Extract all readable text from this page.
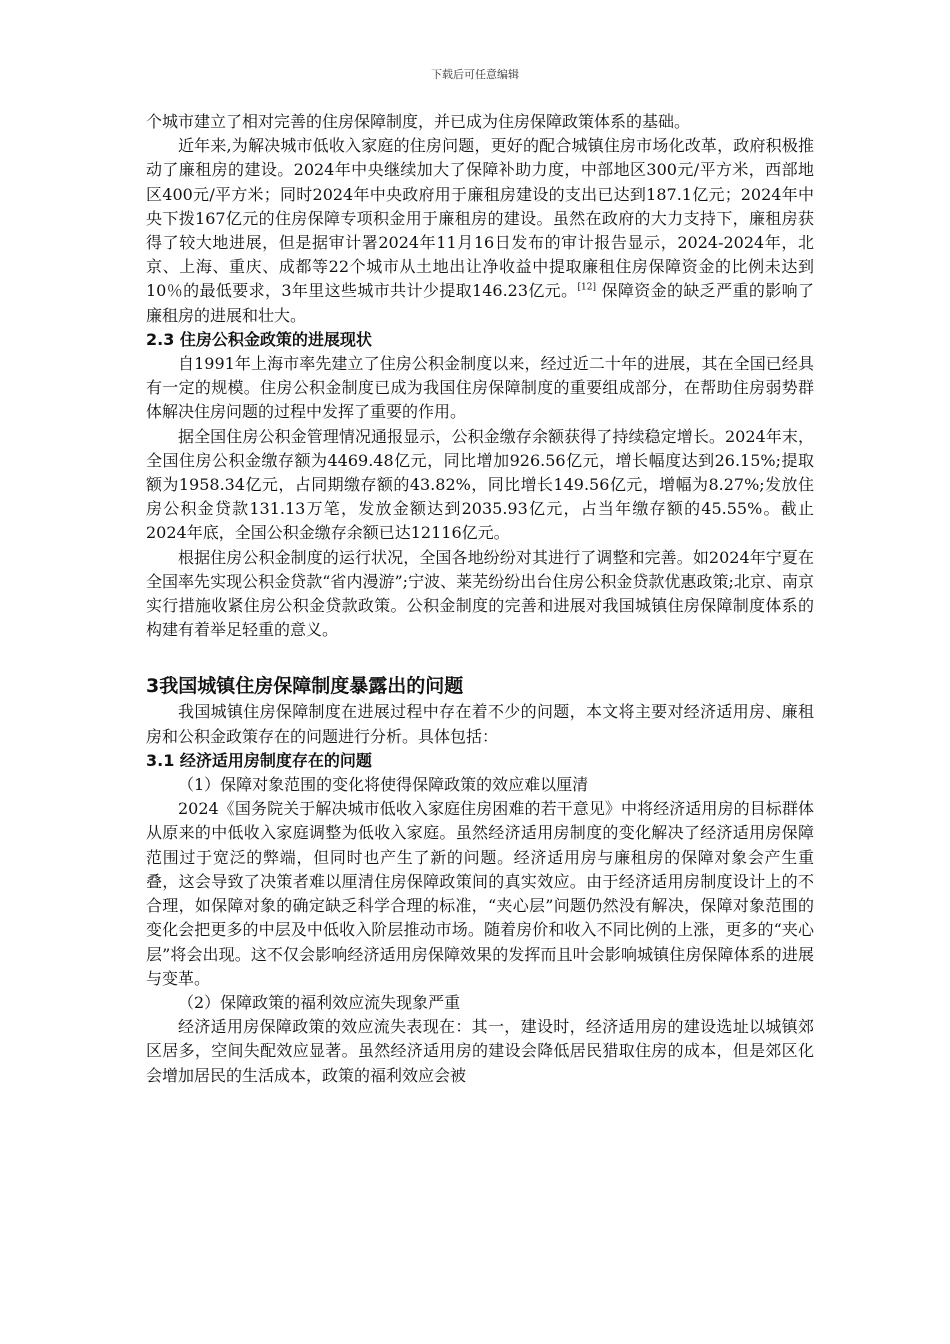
下载后可任意编辑

个城市建立了相对完善的住房保障制度，并已成为住房保障政策体系的基础。

近年来,为解决城市低收入家庭的住房问题，更好的配合城镇住房市场化改革，政府积极推动了廉租房的建设。2024年中央继续加大了保障补助力度，中部地区300元/平方米，西部地区400元/平方米；同时2024年中央政府用于廉租房建设的支出已达到187.1亿元；2024年中央下拨167亿元的住房保障专项积金用于廉租房的建设。虽然在政府的大力支持下，廉租房获得了较大地进展，但是据审计署2024年11月16日发布的审计报告显示，2024-2024年，北京、上海、重庆、成都等22个城市从土地出让净收益中提取廉租住房保障资金的比例未达到10％的最低要求，3年里这些城市共计少提取146.23亿元。[12] 保障资金的缺乏严重的影响了廉租房的进展和壮大。

2.3 住房公积金政策的进展现状

自1991年上海市率先建立了住房公积金制度以来，经过近二十年的进展，其在全国已经具有一定的规模。住房公积金制度已成为我国住房保障制度的重要组成部分，在帮助住房弱势群体解决住房问题的过程中发挥了重要的作用。

据全国住房公积金管理情况通报显示，公积金缴存余额获得了持续稳定增长。2024年末，全国住房公积金缴存额为4469.48亿元，同比增加926.56亿元，增长幅度达到26.15%;提取额为1958.34亿元，占同期缴存额的43.82%，同比增长149.56亿元，增幅为8.27%;发放住房公积金贷款131.13万笔，发放金额达到2035.93亿元，占当年缴存额的45.55%。截止2024年底，全国公积金缴存余额已达12116亿元。

根据住房公积金制度的运行状况，全国各地纷纷对其进行了调整和完善。如2024年宁夏在全国率先实现公积金贷款“省内漫游”;宁波、莱芜纷纷出台住房公积金贷款优惠政策;北京、南京实行措施收紧住房公积金贷款政策。公积金制度的完善和进展对我国城镇住房保障制度体系的构建有着举足轻重的意义。

3我国城镇住房保障制度暴露出的问题

我国城镇住房保障制度在进展过程中存在着不少的问题，本文将主要对经济适用房、廉租房和公积金政策存在的问题进行分析。具体包括：

3.1 经济适用房制度存在的问题

（1）保障对象范围的变化将使得保障政策的效应难以厘清

2024《国务院关于解决城市低收入家庭住房困难的若干意见》中将经济适用房的目标群体从原来的中低收入家庭调整为低收入家庭。虽然经济适用房制度的变化解决了经济适用房保障范围过于宽泛的弊端，但同时也产生了新的问题。经济适用房与廉租房的保障对象会产生重叠，这会导致了决策者难以厘清住房保障政策间的真实效应。由于经济适用房制度设计上的不合理，如保障对象的确定缺乏科学合理的标准，“夹心层”问题仍然没有解决，保障对象范围的变化会把更多的中层及中低收入阶层推动市场。随着房价和收入不同比例的上涨，更多的“夹心层”将会出现。这不仅会影响经济适用房保障效果的发挥而且叶会影响城镇住房保障体系的进展与变革。

（2）保障政策的福利效应流失现象严重

经济适用房保障政策的效应流失表现在：其一，建设时，经济适用房的建设选址以城镇郊区居多，空间失配效应显著。虽然经济适用房的建设会降低居民猎取住房的成本，但是郊区化会增加居民的生活成本，政策的福利效应会被
